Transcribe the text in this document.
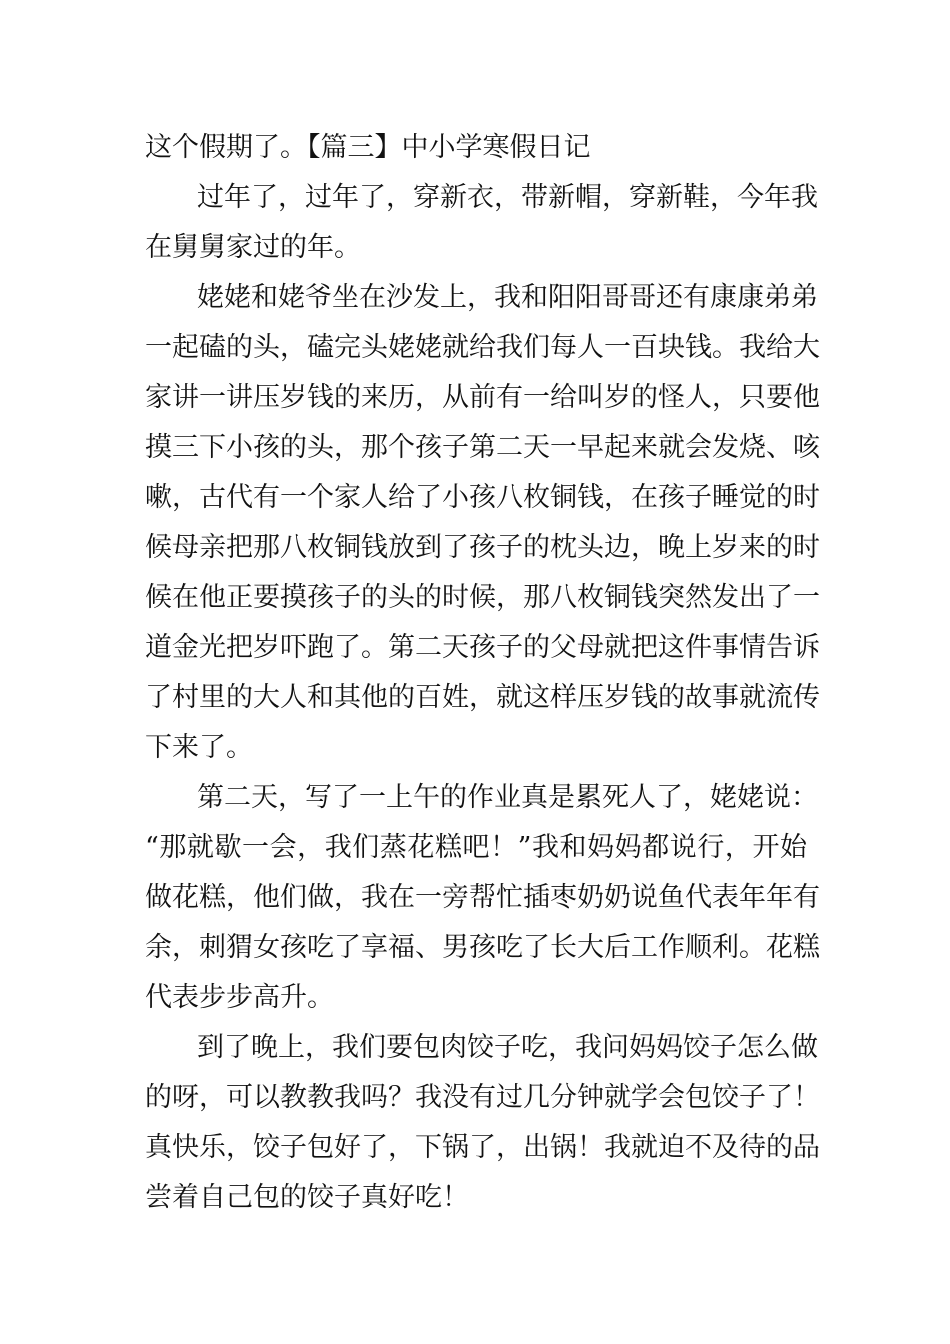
这个假期了。【篇三】中小学寒假日记
过年了，过年了，穿新衣，带新帽，穿新鞋，今年我
在舅舅家过的年。
姥姥和姥爷坐在沙发上，我和阳阳哥哥还有康康弟弟
一起磕的头，磕完头姥姥就给我们每人一百块钱。我给大
家讲一讲压岁钱的来历，从前有一给叫岁的怪人，只要他
摸三下小孩的头，那个孩子第二天一早起来就会发烧、咳
嗽，古代有一个家人给了小孩八枚铜钱，在孩子睡觉的时
候母亲把那八枚铜钱放到了孩子的枕头边，晚上岁来的时
候在他正要摸孩子的头的时候，那八枚铜钱突然发出了一
道金光把岁吓跑了。第二天孩子的父母就把这件事情告诉
了村里的大人和其他的百姓，就这样压岁钱的故事就流传
下来了。
第二天，写了一上午的作业真是累死人了，姥姥说：
“那就歇一会，我们蒸花糕吧！”我和妈妈都说行，开始
做花糕，他们做，我在一旁帮忙插枣奶奶说鱼代表年年有
余，刺猬女孩吃了享福、男孩吃了长大后工作顺利。花糕
代表步步高升。
到了晚上，我们要包肉饺子吃，我问妈妈饺子怎么做
的呀，可以教教我吗？我没有过几分钟就学会包饺子了！
真快乐，饺子包好了，下锅了，出锅！我就迫不及待的品
尝着自己包的饺子真好吃！
